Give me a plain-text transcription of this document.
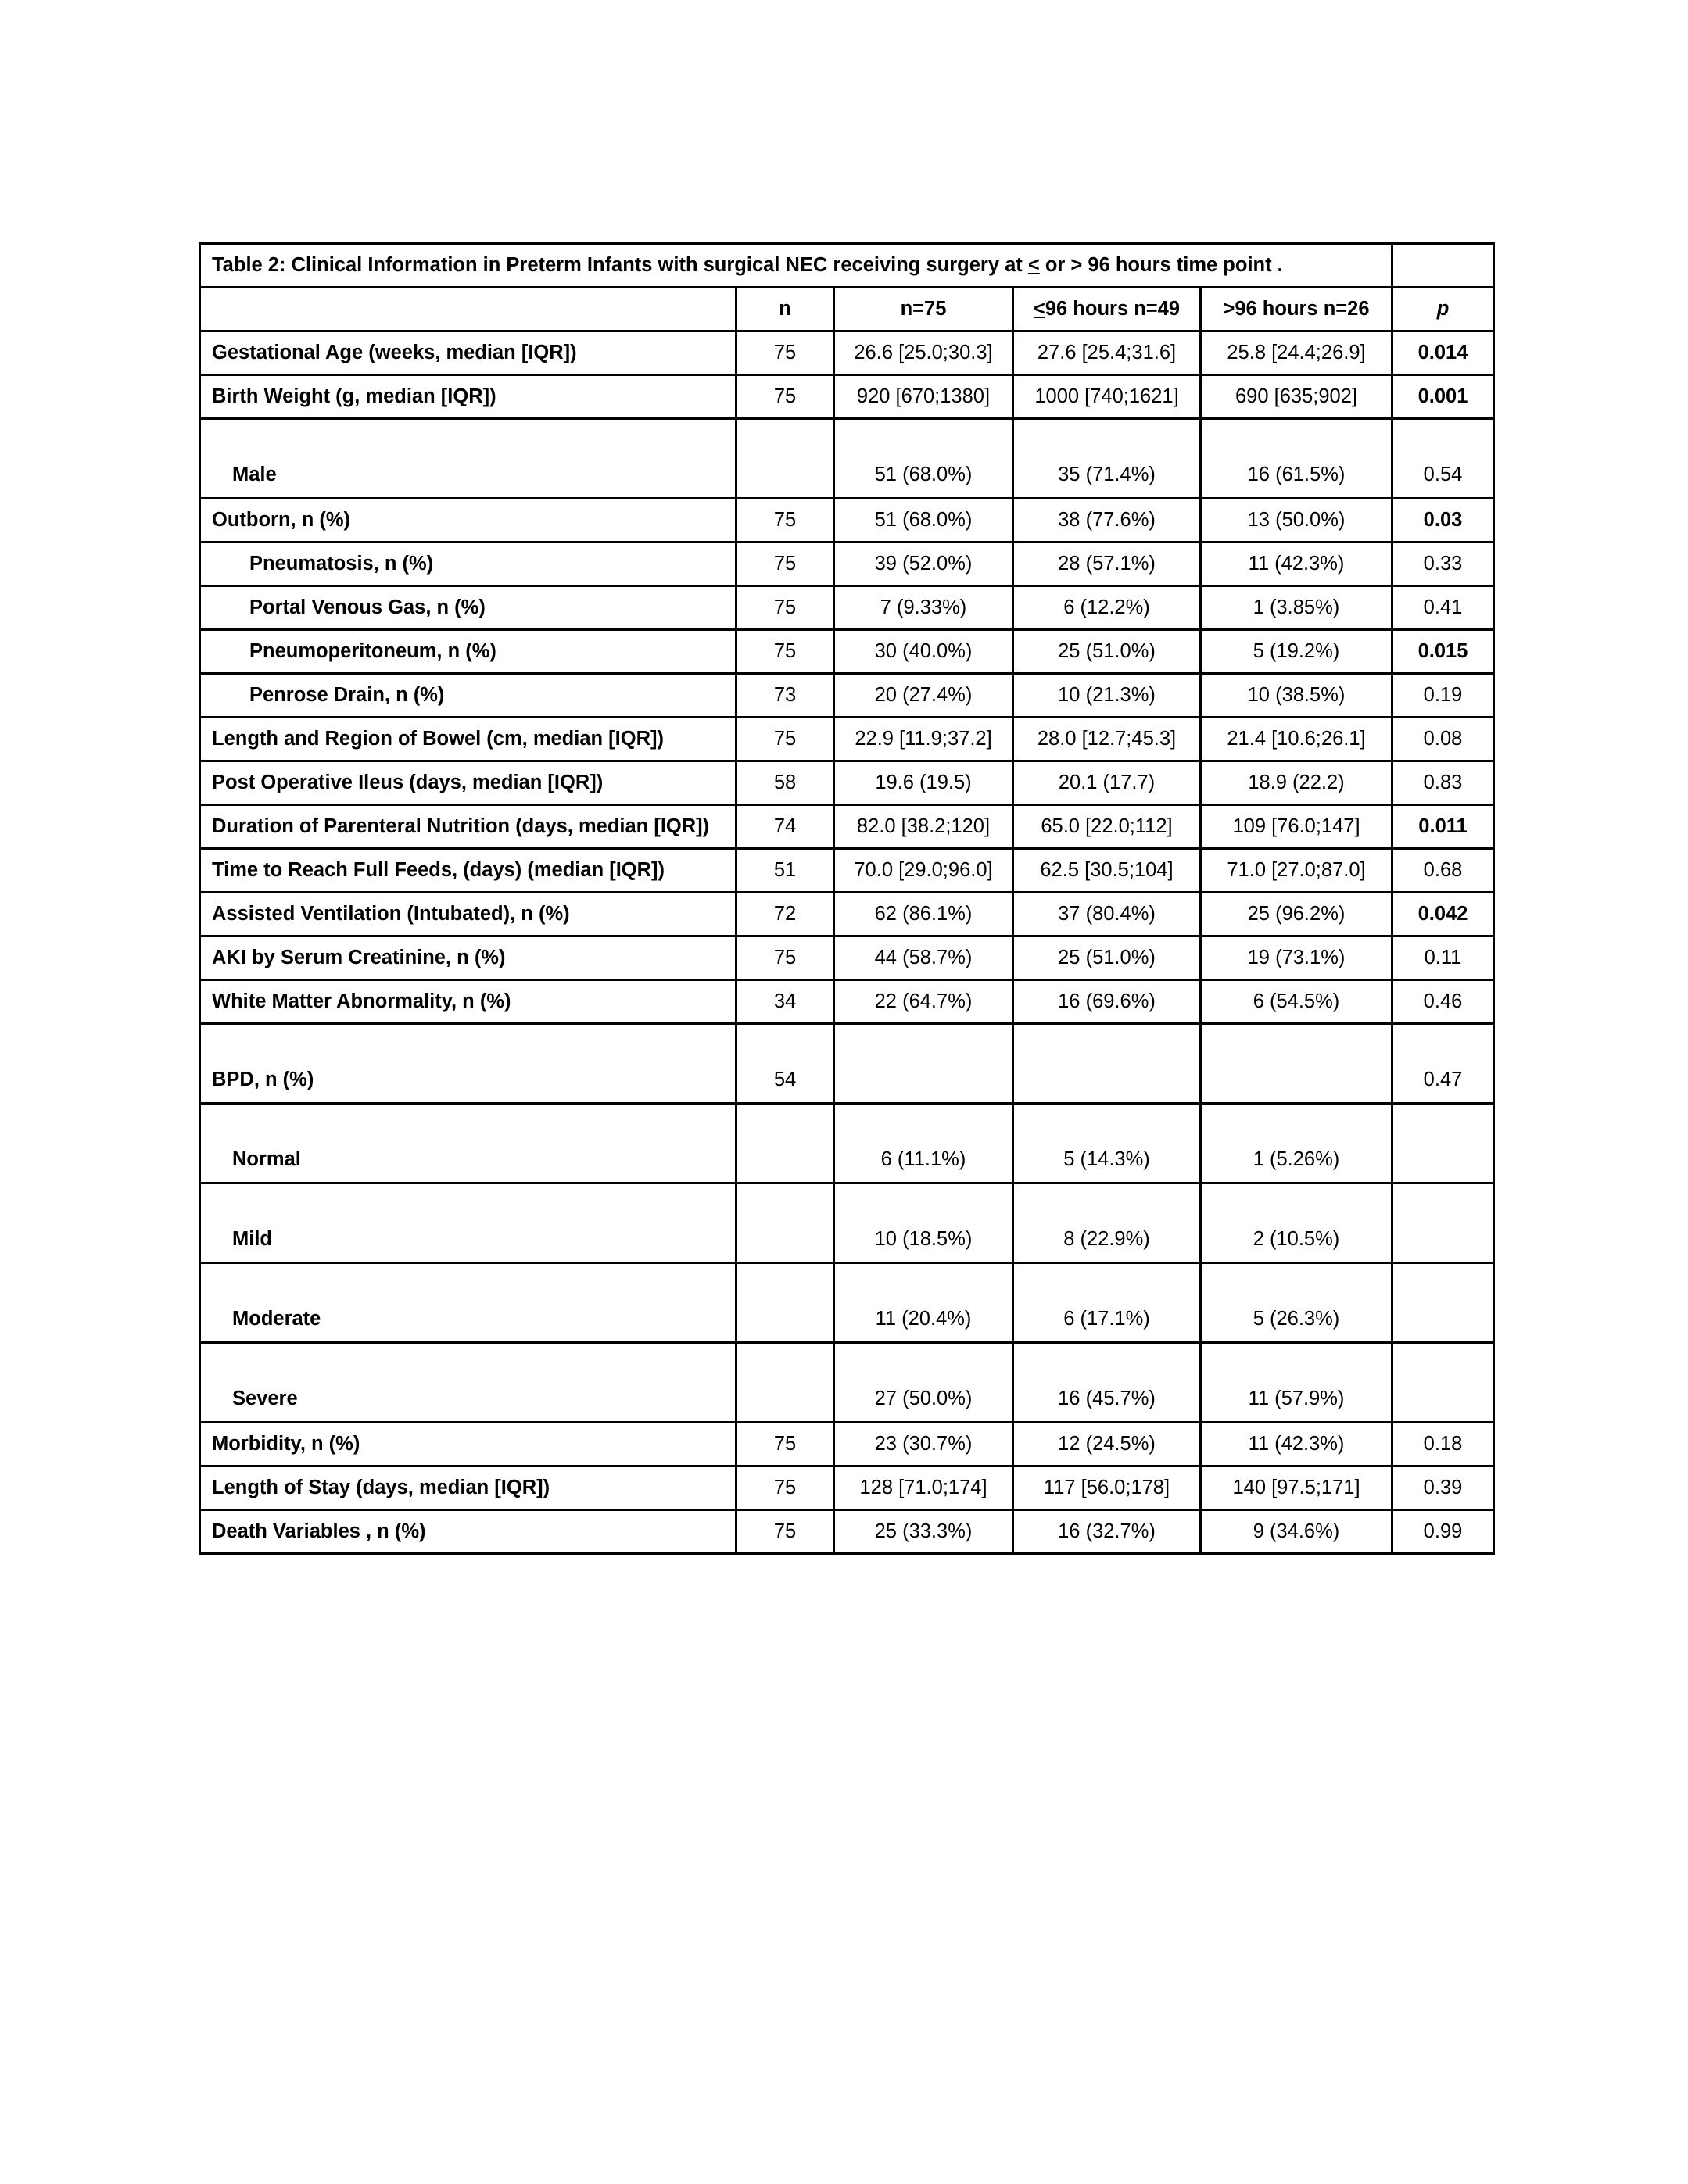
Table 2: Clinical Information in Preterm Infants with surgical NEC receiving surgery at < or > 96 hours time point .					
	n	n=75	<96 hours n=49	>96 hours n=26	p
Gestational Age (weeks, median [IQR])	75	26.6 [25.0;30.3]	27.6 [25.4;31.6]	25.8 [24.4;26.9]	0.014
Birth Weight (g, median [IQR])	75	920 [670;1380]	1000 [740;1621]	690 [635;902]	0.001
Male		51 (68.0%)	35 (71.4%)	16 (61.5%)	0.54
Outborn, n (%)	75	51 (68.0%)	38 (77.6%)	13 (50.0%)	0.03
Pneumatosis, n (%)	75	39 (52.0%)	28 (57.1%)	11 (42.3%)	0.33
Portal Venous Gas, n (%)	75	7 (9.33%)	6 (12.2%)	1 (3.85%)	0.41
Pneumoperitoneum, n (%)	75	30 (40.0%)	25 (51.0%)	5 (19.2%)	0.015
Penrose Drain, n (%)	73	20 (27.4%)	10 (21.3%)	10 (38.5%)	0.19
Length and Region of Bowel (cm, median [IQR])	75	22.9 [11.9;37.2]	28.0 [12.7;45.3]	21.4 [10.6;26.1]	0.08
Post Operative Ileus (days, median [IQR])	58	19.6 (19.5)	20.1 (17.7)	18.9 (22.2)	0.83
Duration of Parenteral Nutrition (days, median [IQR])	74	82.0 [38.2;120]	65.0 [22.0;112]	109 [76.0;147]	0.011
Time to Reach Full Feeds, (days) (median [IQR])	51	70.0 [29.0;96.0]	62.5 [30.5;104]	71.0 [27.0;87.0]	0.68
Assisted Ventilation (Intubated), n (%)	72	62 (86.1%)	37 (80.4%)	25 (96.2%)	0.042
AKI by Serum Creatinine, n (%)	75	44 (58.7%)	25 (51.0%)	19 (73.1%)	0.11
White Matter Abnormality, n (%)	34	22 (64.7%)	16 (69.6%)	6 (54.5%)	0.46
BPD, n (%)	54				0.47
Normal		6 (11.1%)	5 (14.3%)	1 (5.26%)	
Mild		10 (18.5%)	8 (22.9%)	2 (10.5%)	
Moderate		11 (20.4%)	6 (17.1%)	5 (26.3%)	
Severe		27 (50.0%)	16 (45.7%)	11 (57.9%)	
Morbidity, n (%)	75	23 (30.7%)	12 (24.5%)	11 (42.3%)	0.18
Length of Stay (days, median [IQR])	75	128 [71.0;174]	117 [56.0;178]	140 [97.5;171]	0.39
Death Variables , n (%)	75	25 (33.3%)	16 (32.7%)	9 (34.6%)	0.99
